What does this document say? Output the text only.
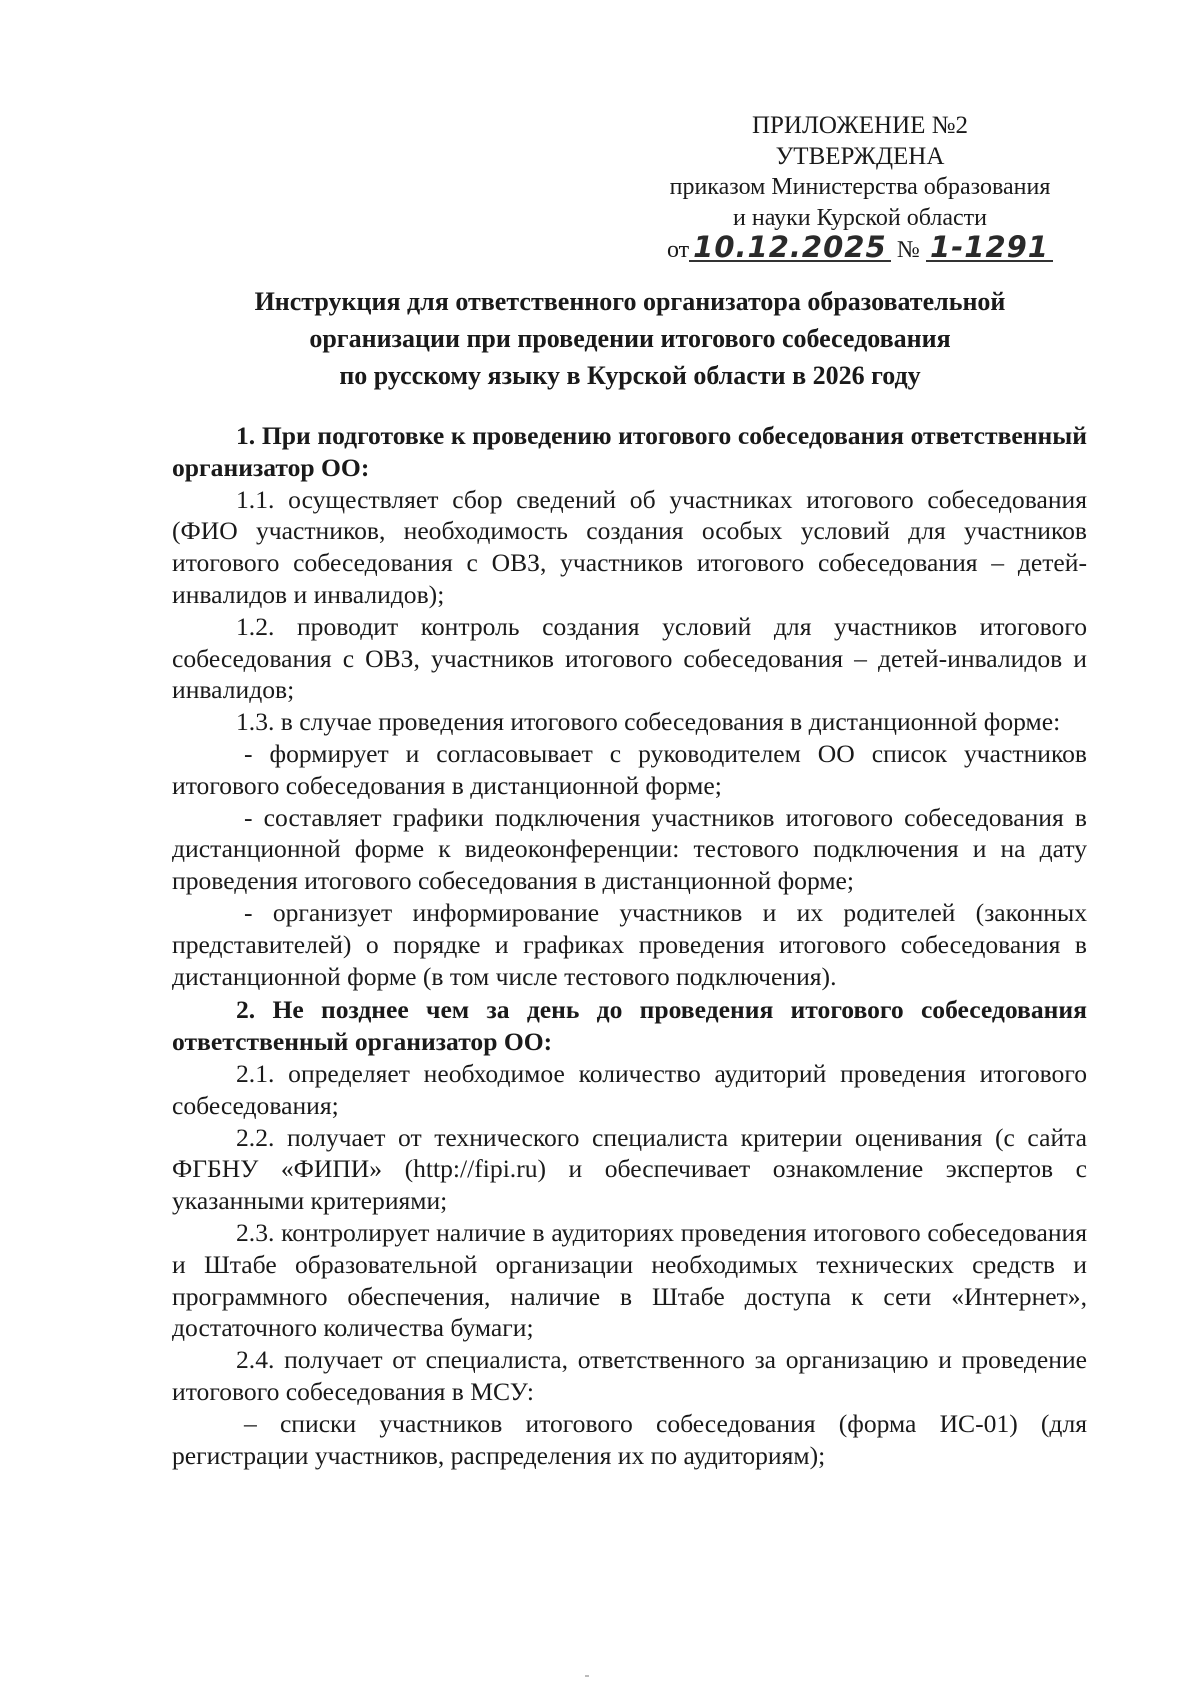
ПРИЛОЖЕНИЕ №2
УТВЕРЖДЕНА
приказом Министерства образования
и науки Курской области
от 10.12.2025 № 1-1291
Инструкция для ответственного организатора образовательной
организации при проведении итогового собеседования
по русскому языку в Курской области в 2026 году

1. При подготовке к проведению итогового собеседования ответственный организатор ОО:

1.1. осуществляет сбор сведений об участниках итогового собеседования (ФИО участников, необходимость создания особых условий для участников итогового собеседования с ОВЗ, участников итогового собеседования – детей-инвалидов и инвалидов);

1.2. проводит контроль создания условий для участников итогового собеседования с ОВЗ, участников итогового собеседования – детей-инвалидов и инвалидов;

1.3. в случае проведения итогового собеседования в дистанционной форме:

- формирует и согласовывает с руководителем ОО список участников итогового собеседования в дистанционной форме;

- составляет графики подключения участников итогового собеседования в дистанционной форме к видеоконференции: тестового подключения и на дату проведения итогового собеседования в дистанционной форме;

- организует информирование участников и их родителей (законных представителей) о порядке и графиках проведения итогового собеседования в дистанционной форме (в том числе тестового подключения).

2. Не позднее чем за день до проведения итогового собеседования ответственный организатор ОО:

2.1. определяет необходимое количество аудиторий проведения итогового собеседования;

2.2. получает от технического специалиста критерии оценивания (с сайта ФГБНУ «ФИПИ» (http://fipi.ru) и обеспечивает ознакомление экспертов с указанными критериями;

2.3. контролирует наличие в аудиториях проведения итогового собеседования и Штабе образовательной организации необходимых технических средств и программного обеспечения, наличие в Штабе доступа к сети «Интернет», достаточного количества бумаги;

2.4. получает от специалиста, ответственного за организацию и проведение итогового собеседования в МСУ:

– списки участников итогового собеседования (форма ИС-01) (для регистрации участников, распределения их по аудиториям);
